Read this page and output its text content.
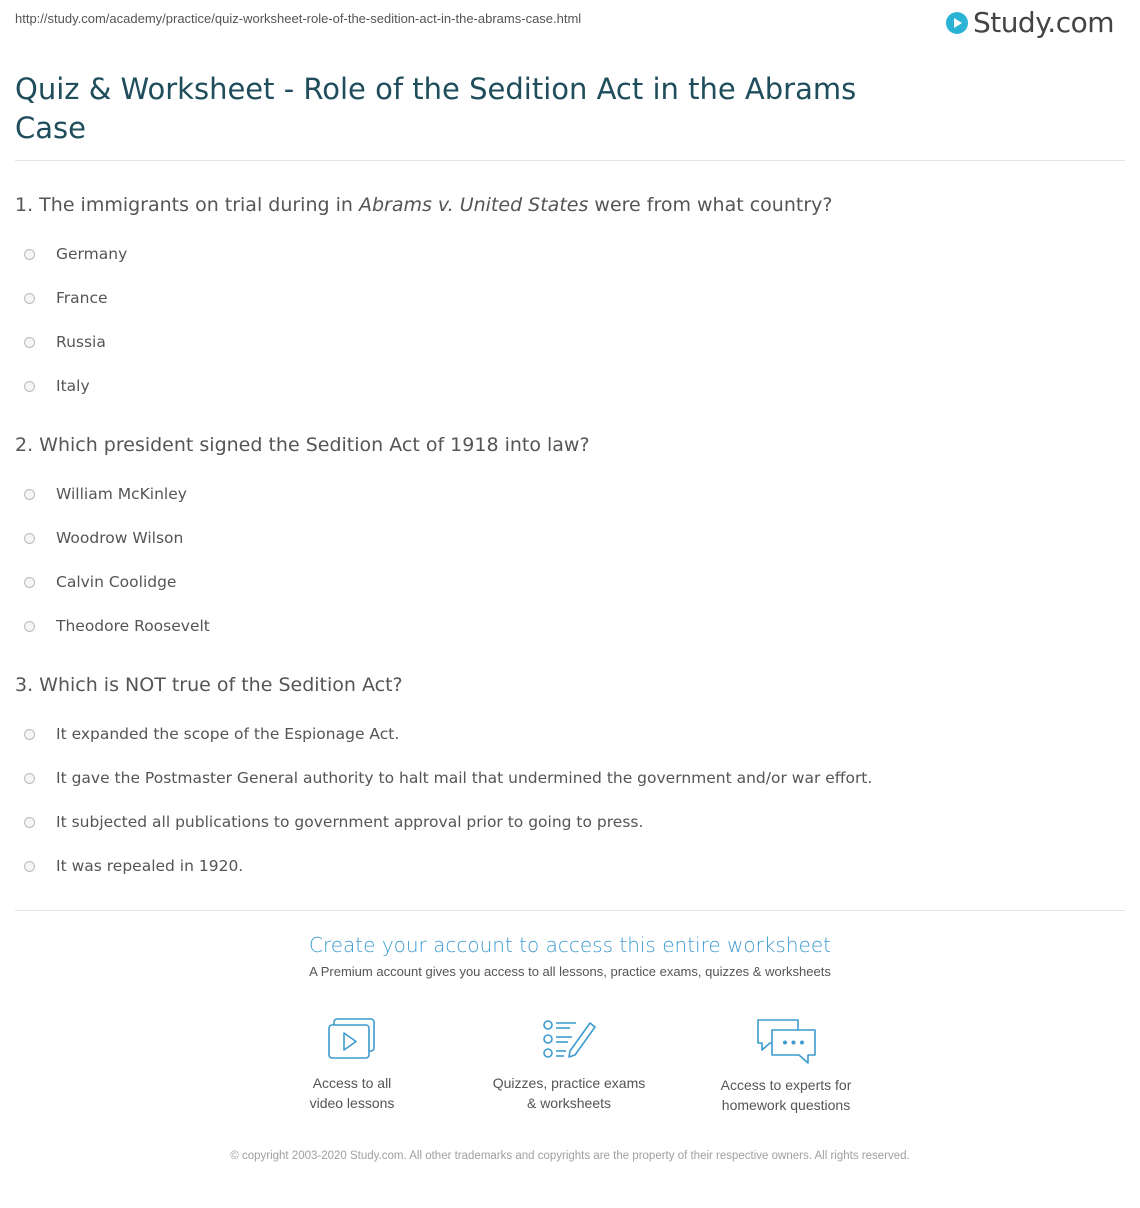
http://study.com/academy/practice/quiz-worksheet-role-of-the-sedition-act-in-the-abrams-case.html	Study.com
Quiz & Worksheet - Role of the Sedition Act in the Abrams Case

1. The immigrants on trial during in Abrams v. United States were from what country?

Germany
France
Russia
Italy

2. Which president signed the Sedition Act of 1918 into law?

William McKinley
Woodrow Wilson
Calvin Coolidge
Theodore Roosevelt

3. Which is NOT true of the Sedition Act?

It expanded the scope of the Espionage Act.
It gave the Postmaster General authority to halt mail that undermined the government and/or war effort.
It subjected all publications to government approval prior to going to press.
It was repealed in 1920.
Create your account to access this entire worksheet
A Premium account gives you access to all lessons, practice exams, quizzes & worksheets
Access to all
video lessons
Quizzes, practice exams
& worksheets
Access to experts for
homework questions
© copyright 2003-2020 Study.com. All other trademarks and copyrights are the property of their respective owners. All rights reserved.
